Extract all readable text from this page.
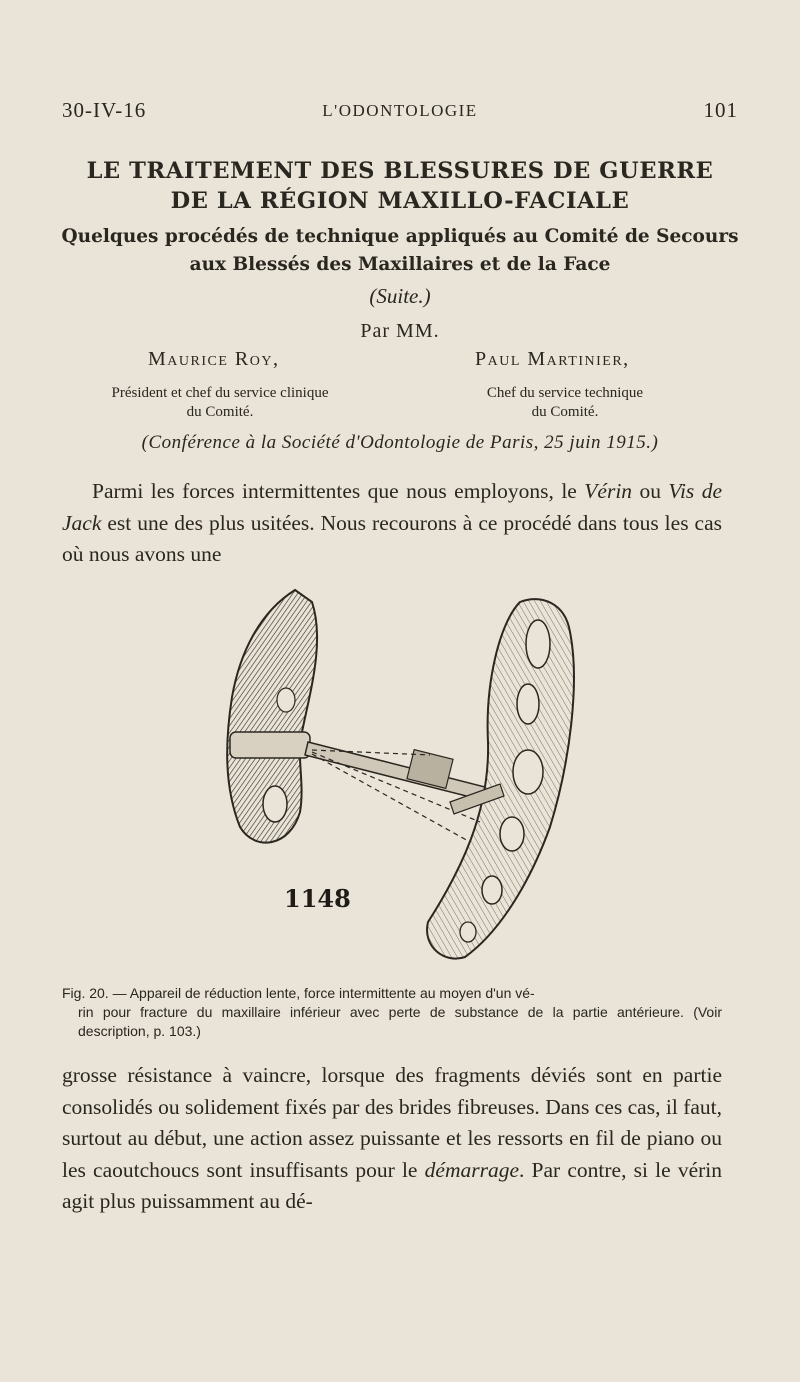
30-IV-16	L'ODONTOLOGIE	101
LE TRAITEMENT DES BLESSURES DE GUERRE
DE LA RÉGION MAXILLO-FACIALE
Quelques procédés de technique appliqués au Comité de Secours
aux Blessés des Maxillaires et de la Face
(Suite.)
Par MM.
Maurice Roy,	Paul Martinier,
Président et chef du service clinique
du Comité.
Chef du service technique
du Comité.
(Conférence à la Société d'Odontologie de Paris, 25 juin 1915.)
Parmi les forces intermittentes que nous employons, le Vérin ou Vis de Jack est une des plus usitées. Nous recourons à ce procédé dans tous les cas où nous avons une
1148
Fig. 20. — Appareil de réduction lente, force intermittente au moyen d'un vé-
rin pour fracture du maxillaire inférieur avec perte de substance de la partie antérieure. (Voir description, p. 103.)
grosse résistance à vaincre, lorsque des fragments déviés sont en partie consolidés ou solidement fixés par des brides fibreuses. Dans ces cas, il faut, surtout au début, une action assez puissante et les ressorts en fil de piano ou les caoutchoucs sont insuffisants pour le démarrage. Par contre, si le vérin agit plus puissamment au dé-
